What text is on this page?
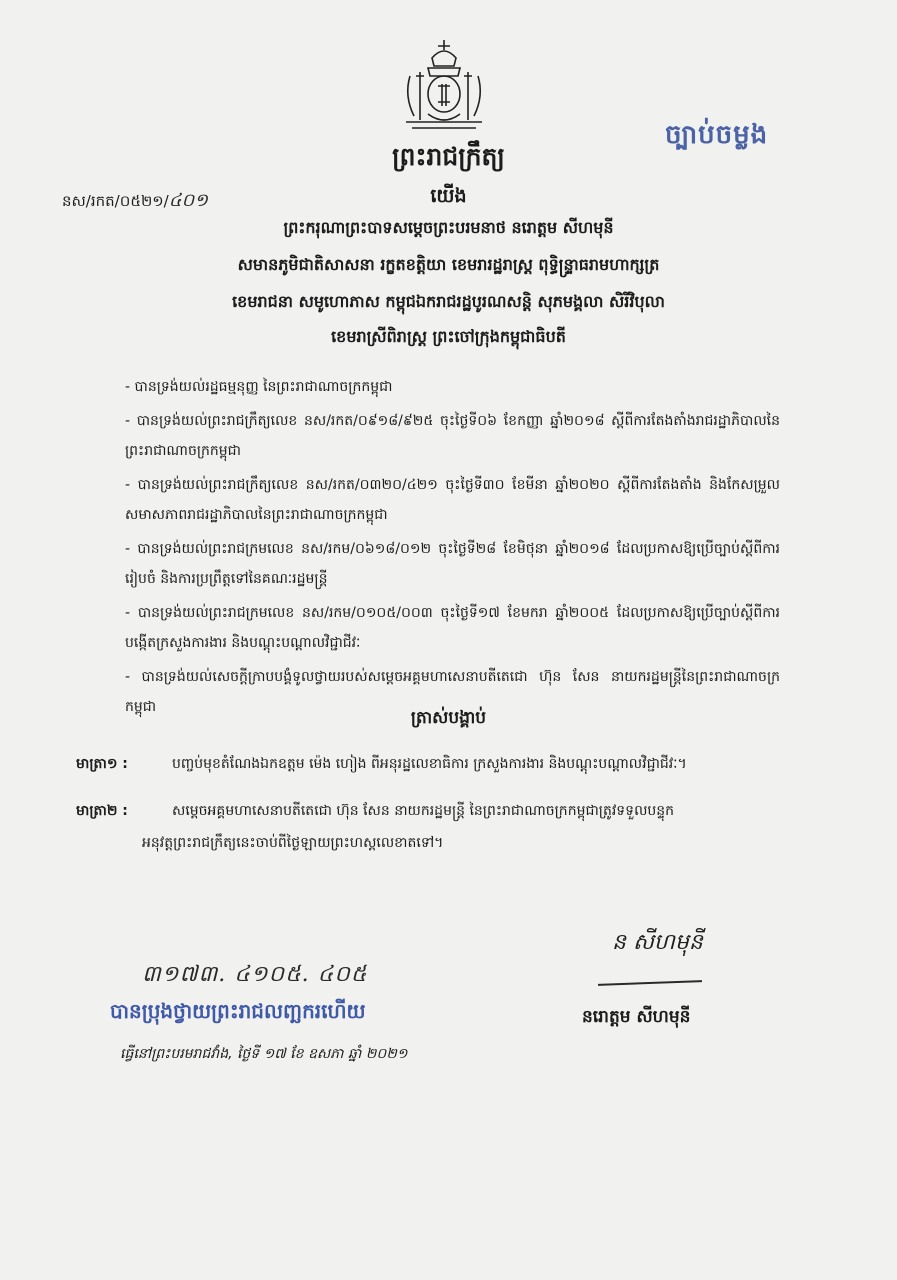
ច្បាប់ចម្លង
ព្រះរាជក្រឹត្យ
នស/រកត/០៥២១/៤០១	យើង
ព្រះករុណាព្រះបាទសម្តេចព្រះបរមនាថ នរោត្តម សីហមុនី
សមានភូមិជាតិសាសនា រក្ខតខត្តិយា ខេមរារដ្ឋរាស្ត្រ ពុទ្ធិន្ទ្រាធរាមហាក្សត្រ
ខេមរាជនា សមូហោភាស កម្ពុជឯករាជរដ្ឋបូរណសន្តិ សុភមង្គលា សិរីវិបុលា
ខេមរាស្រីពិរាស្ត្រ ព្រះចៅក្រុងកម្ពុជាធិបតី
- បានទ្រង់យល់រដ្ឋធម្មនុញ្ញ នៃព្រះរាជាណាចក្រកម្ពុជា
- បានទ្រង់យល់ព្រះរាជក្រឹត្យលេខ នស/រកត/០៩១៨/៩២៥ ចុះថ្ងៃទី០៦ ខែកញ្ញា ឆ្នាំ២០១៨ ស្តីពីការតែងតាំងរាជរដ្ឋាភិបាលនៃព្រះរាជាណាចក្រកម្ពុជា
- បានទ្រង់យល់ព្រះរាជក្រឹត្យលេខ នស/រកត/០៣២០/៤២១ ចុះថ្ងៃទី៣០ ខែមីនា ឆ្នាំ២០២០ ស្តីពីការតែងតាំង និងកែសម្រួលសមាសភាពរាជរដ្ឋាភិបាលនៃព្រះរាជាណាចក្រកម្ពុជា
- បានទ្រង់យល់ព្រះរាជក្រមលេខ នស/រកម/០៦១៨/០១២ ចុះថ្ងៃទី២៨ ខែមិថុនា ឆ្នាំ២០១៨ ដែលប្រកាសឱ្យប្រើច្បាប់ស្តីពីការរៀបចំ និងការប្រព្រឹត្តទៅនៃគណៈរដ្ឋមន្ត្រី
- បានទ្រង់យល់ព្រះរាជក្រមលេខ នស/រកម/០១០៥/០០៣ ចុះថ្ងៃទី១៧ ខែមករា ឆ្នាំ២០០៥ ដែលប្រកាសឱ្យប្រើច្បាប់ស្តីពីការបង្កើតក្រសួងការងារ និងបណ្តុះបណ្តាលវិជ្ជាជីវៈ
- បានទ្រង់យល់សេចក្តីក្រាបបង្គំទូលថ្វាយរបស់សម្តេចអគ្គមហាសេនាបតីតេជោ ហ៊ុន សែន នាយករដ្ឋមន្ត្រីនៃព្រះរាជាណាចក្រកម្ពុជា
ត្រាស់បង្គាប់
មាត្រា១ :	បញ្ចប់មុខតំណែងឯកឧត្តម ម៉េង ហៀង ពីអនុរដ្ឋលេខាធិការ ក្រសួងការងារ និងបណ្តុះបណ្តាលវិជ្ជាជីវៈ។
មាត្រា២ :	សម្តេចអគ្គមហាសេនាបតីតេជោ ហ៊ុន សែន នាយករដ្ឋមន្ត្រី នៃព្រះរាជាណាចក្រកម្ពុជាត្រូវទទួលបន្ទុក
អនុវត្តព្រះរាជក្រឹត្យនេះចាប់ពីថ្ងៃឡាយព្រះហស្តលេខាតទៅ។
ន សីហមុនី
នរោត្តម សីហមុនី
៣១៧៣. ៤១០៥. ៤០៥
បានប្រុងថ្វាយព្រះរាជលញ្ឆករហើយ
ធ្វើនៅព្រះបរមរាជវាំង, ថ្ងៃទី ១៧ ខែ ឧសភា ឆ្នាំ ២០២១
